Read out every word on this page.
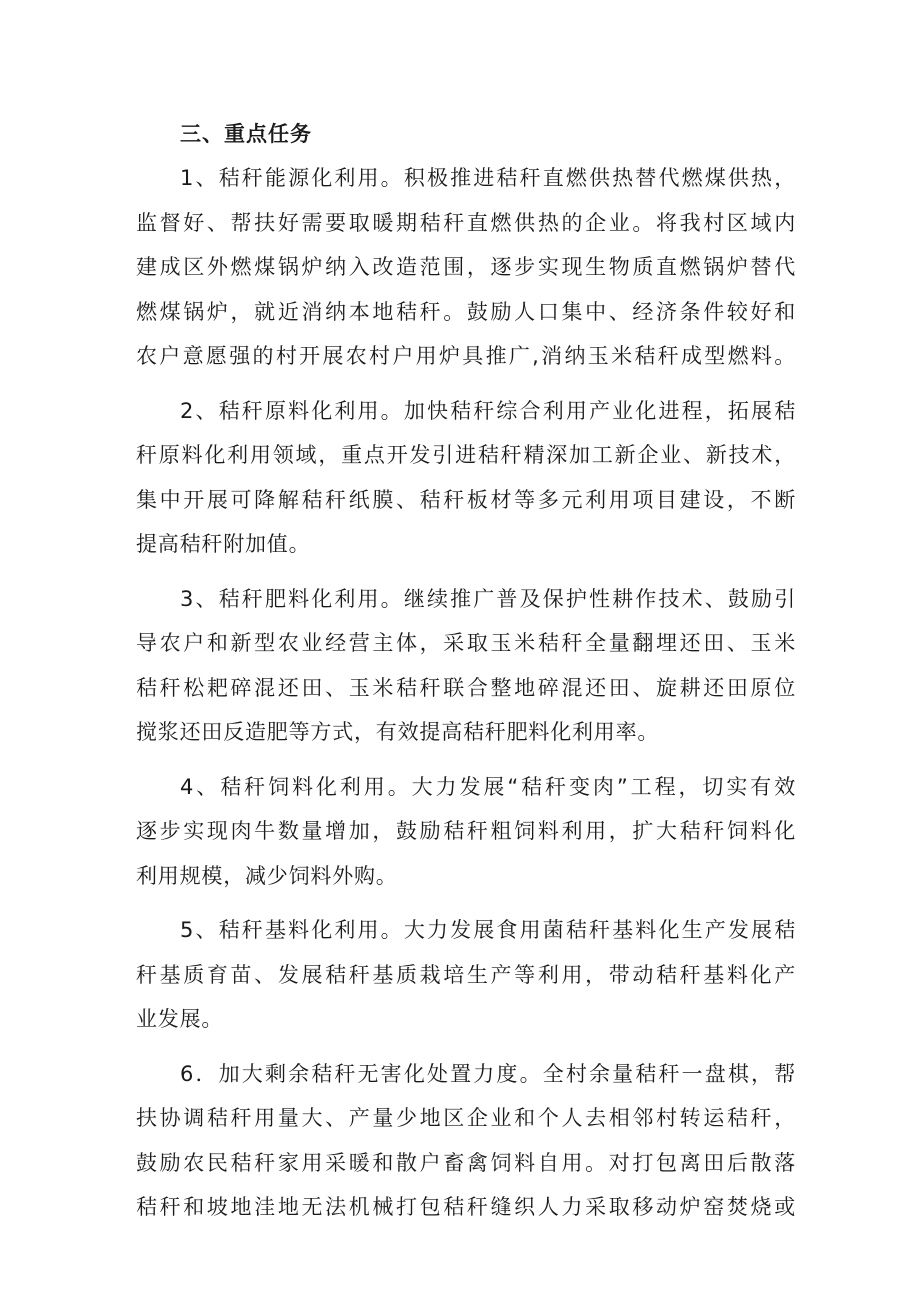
三、重点任务
1、秸秆能源化利用。积极推进秸秆直燃供热替代燃煤供热，
监督好、帮扶好需要取暖期秸秆直燃供热的企业。将我村区域内
建成区外燃煤锅炉纳入改造范围，逐步实现生物质直燃锅炉替代
燃煤锅炉，就近消纳本地秸秆。鼓励人口集中、经济条件较好和
农户意愿强的村开展农村户用炉具推广,消纳玉米秸秆成型燃料。
2、秸秆原料化利用。加快秸秆综合利用产业化进程，拓展秸
秆原料化利用领域，重点开发引进秸秆精深加工新企业、新技术，
集中开展可降解秸秆纸膜、秸秆板材等多元利用项目建设，不断
提高秸秆附加值。
3、秸秆肥料化利用。继续推广普及保护性耕作技术、鼓励引
导农户和新型农业经营主体，采取玉米秸秆全量翻埋还田、玉米
秸秆松耙碎混还田、玉米秸秆联合整地碎混还田、旋耕还田原位
搅浆还田反造肥等方式，有效提高秸秆肥料化利用率。
4、秸秆饲料化利用。大力发展“秸秆变肉”工程，切实有效
逐步实现肉牛数量增加，鼓励秸秆粗饲料利用，扩大秸秆饲料化
利用规模，减少饲料外购。
5、秸秆基料化利用。大力发展食用菌秸秆基料化生产发展秸
秆基质育苗、发展秸秆基质栽培生产等利用，带动秸秆基料化产
业发展。
6．加大剩余秸秆无害化处置力度。全村余量秸秆一盘棋，帮
扶协调秸秆用量大、产量少地区企业和个人去相邻村转运秸秆，
鼓励农民秸秆家用采暖和散户畜禽饲料自用。对打包离田后散落
秸秆和坡地洼地无法机械打包秸秆缝织人力采取移动炉窑焚烧或
